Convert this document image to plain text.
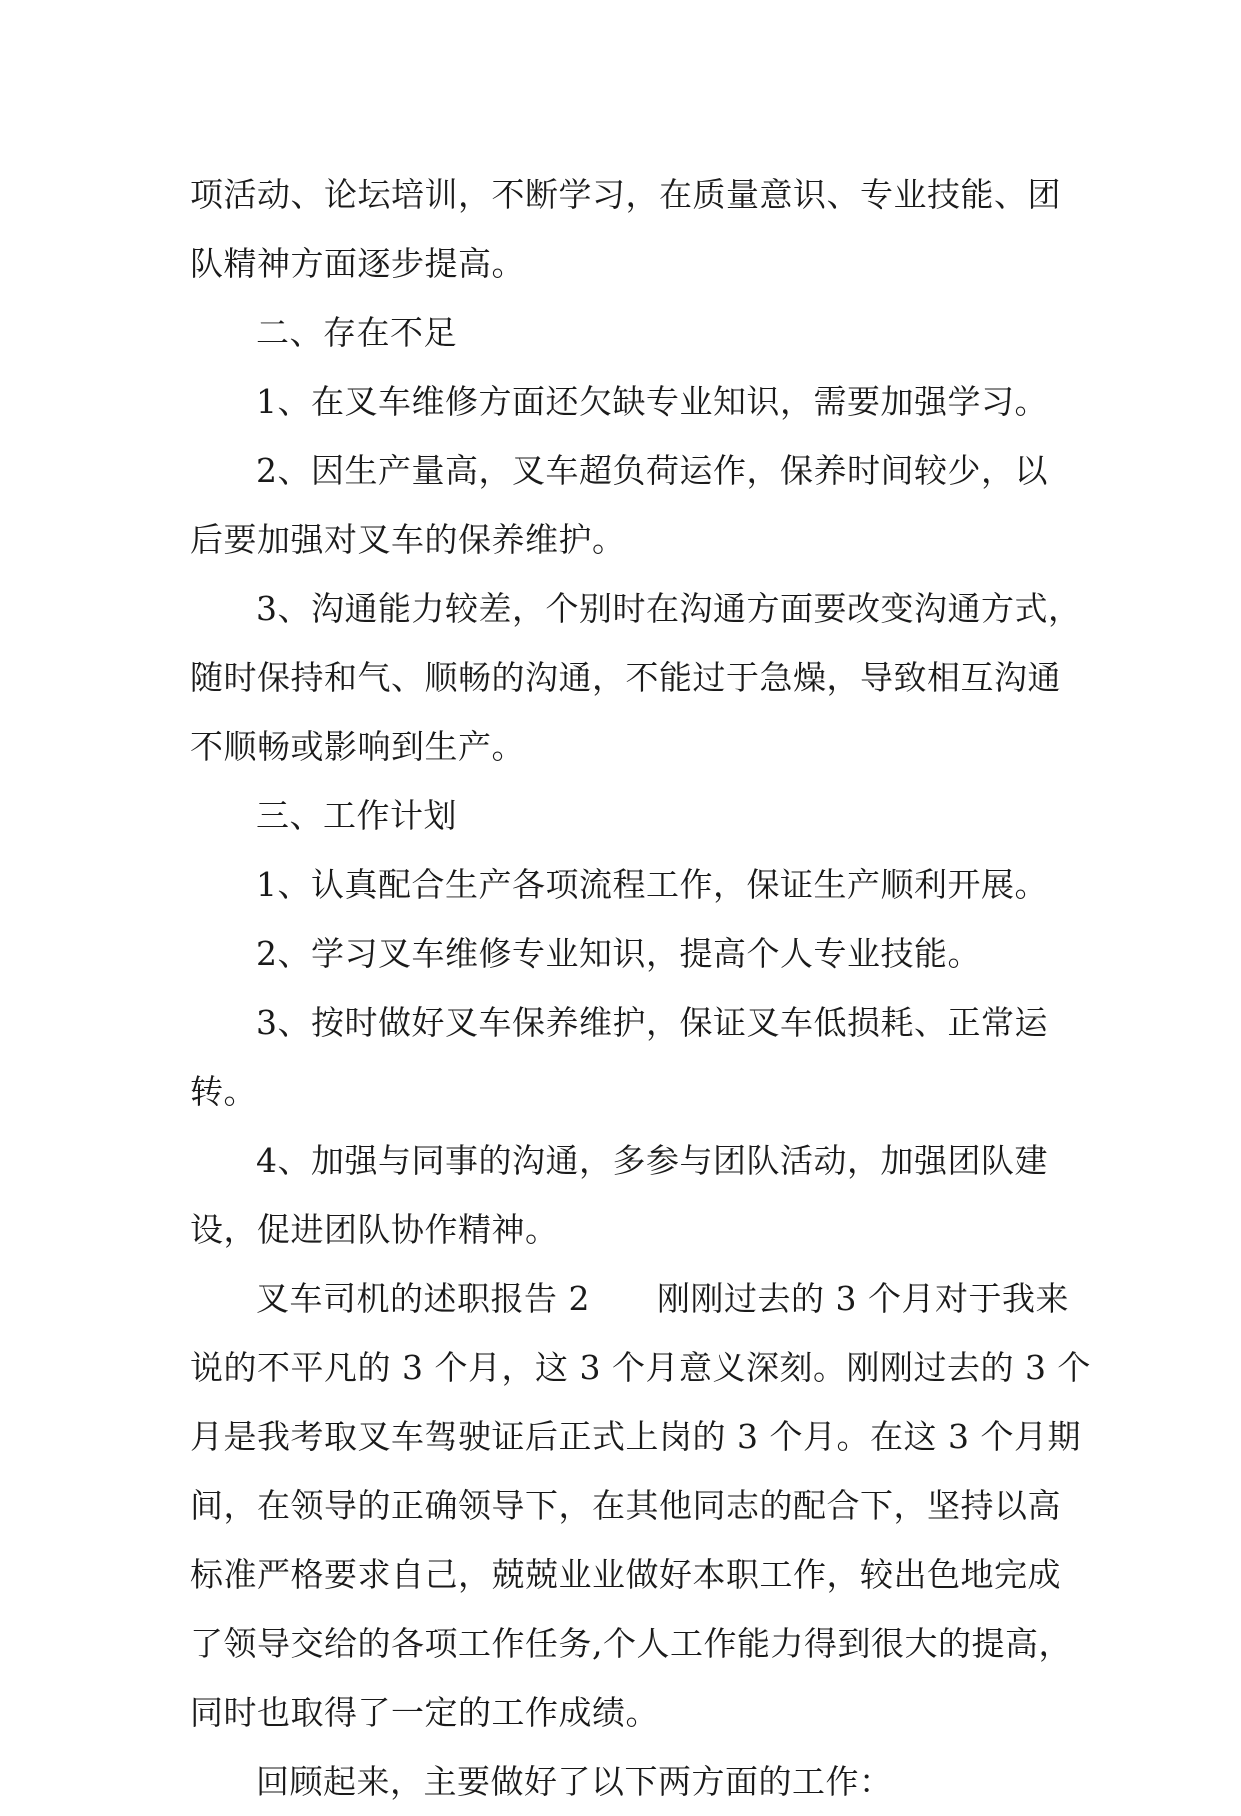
项活动、论坛培训，不断学习，在质量意识、专业技能、团
队精神方面逐步提高。
二、存在不足
1、在叉车维修方面还欠缺专业知识，需要加强学习。
2、因生产量高，叉车超负荷运作，保养时间较少，以
后要加强对叉车的保养维护。
3、沟通能力较差，个别时在沟通方面要改变沟通方式，
随时保持和气、顺畅的沟通，不能过于急燥，导致相互沟通
不顺畅或影响到生产。
三、工作计划
1、认真配合生产各项流程工作，保证生产顺利开展。
2、学习叉车维修专业知识，提高个人专业技能。
3、按时做好叉车保养维护，保证叉车低损耗、正常运
转。
4、加强与同事的沟通，多参与团队活动，加强团队建
设，促进团队协作精神。
叉车司机的述职报告 2　　刚刚过去的 3 个月对于我来
说的不平凡的 3 个月，这 3 个月意义深刻。刚刚过去的 3 个
月是我考取叉车驾驶证后正式上岗的 3 个月。在这 3 个月期
间，在领导的正确领导下，在其他同志的配合下，坚持以高
标准严格要求自己，兢兢业业做好本职工作，较出色地完成
了领导交给的各项工作任务,个人工作能力得到很大的提高，
同时也取得了一定的工作成绩。
回顾起来，主要做好了以下两方面的工作：
